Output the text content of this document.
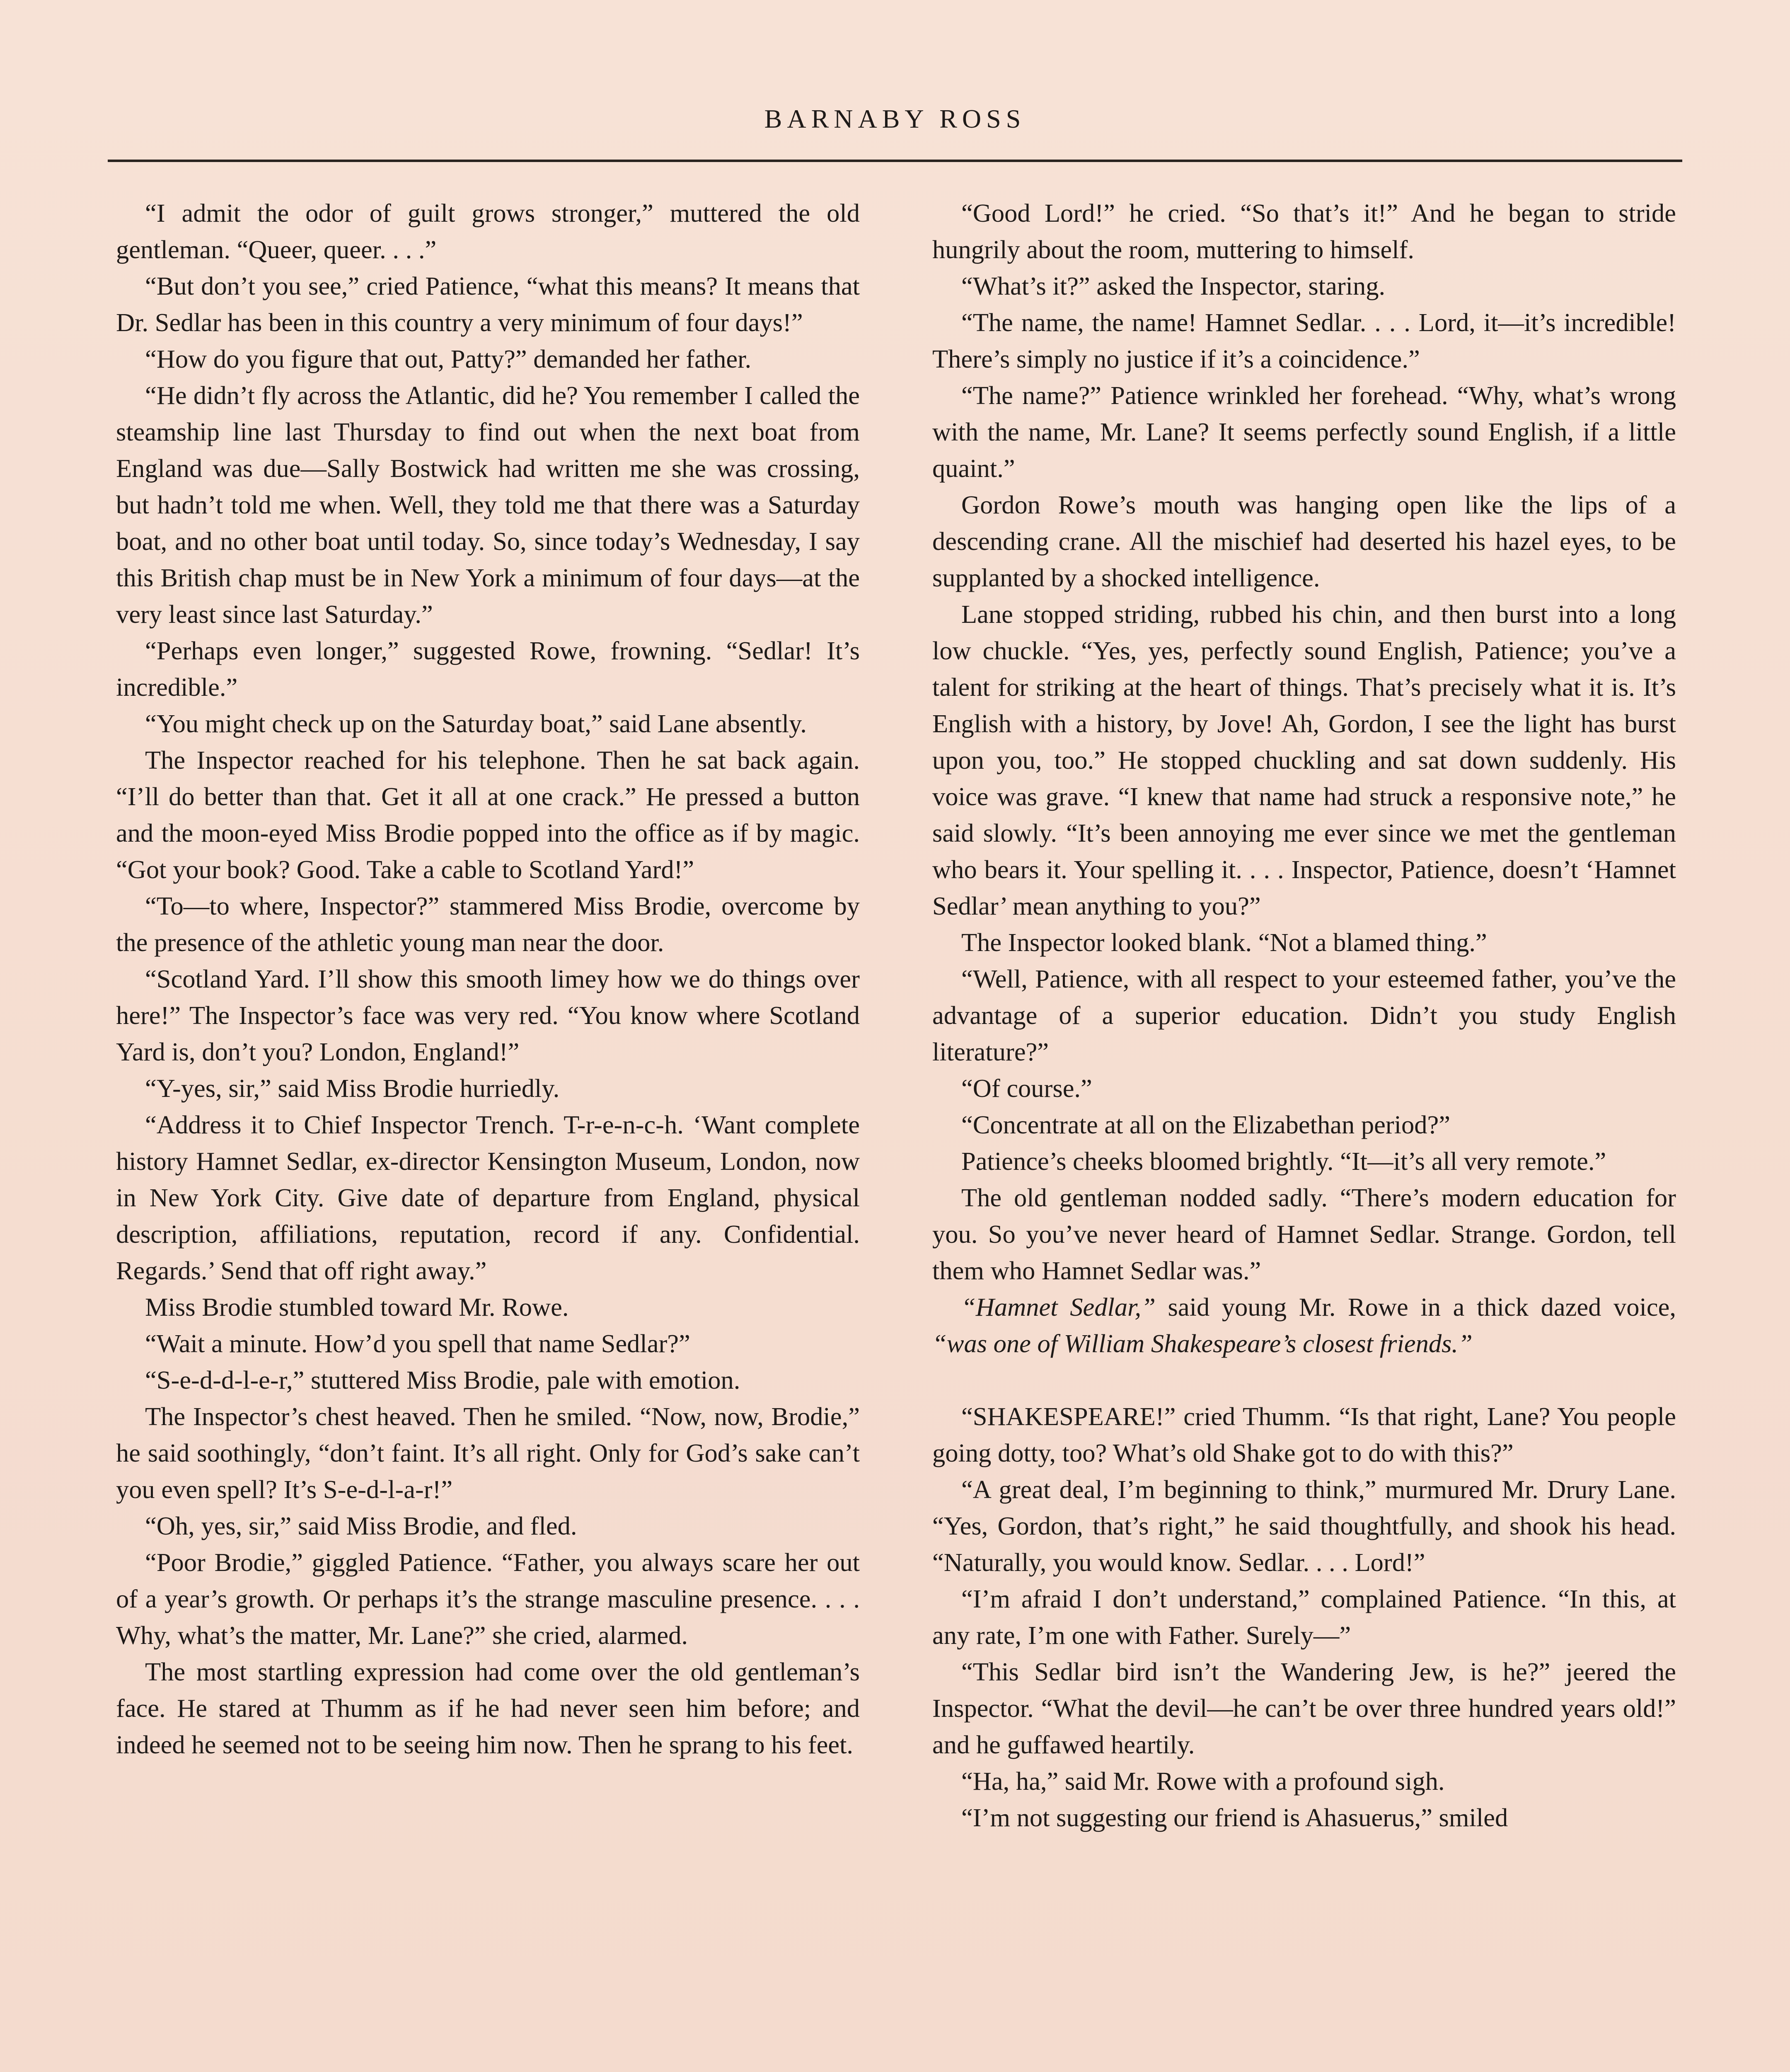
BARNABY ROSS

“I admit the odor of guilt grows stronger,” muttered the old gentleman. “Queer, queer. . . .”

“But don’t you see,” cried Patience, “what this means? It means that Dr. Sedlar has been in this country a very minimum of four days!”

“How do you figure that out, Patty?” demanded her father.

“He didn’t fly across the Atlantic, did he? You remember I called the steamship line last Thursday to find out when the next boat from England was due—Sally Bostwick had written me she was crossing, but hadn’t told me when. Well, they told me that there was a Saturday boat, and no other boat until today. So, since today’s Wednesday, I say this British chap must be in New York a minimum of four days—at the very least since last Saturday.”

“Perhaps even longer,” suggested Rowe, frowning. “Sedlar! It’s incredible.”

“You might check up on the Saturday boat,” said Lane absently.

The Inspector reached for his telephone. Then he sat back again. “I’ll do better than that. Get it all at one crack.” He pressed a button and the moon-eyed Miss Brodie popped into the office as if by magic. “Got your book? Good. Take a cable to Scotland Yard!”

“To—to where, Inspector?” stammered Miss Brodie, overcome by the presence of the athletic young man near the door.

“Scotland Yard. I’ll show this smooth limey how we do things over here!” The Inspector’s face was very red. “You know where Scotland Yard is, don’t you? London, England!”

“Y-yes, sir,” said Miss Brodie hurriedly.

“Address it to Chief Inspector Trench. T-r-e-n-c-h. ‘Want complete history Hamnet Sedlar, ex-director Kensington Museum, London, now in New York City. Give date of departure from England, physical description, affiliations, reputation, record if any. Confidential. Regards.’ Send that off right away.”

Miss Brodie stumbled toward Mr. Rowe.

“Wait a minute. How’d you spell that name Sedlar?”

“S-e-d-d-l-e-r,” stuttered Miss Brodie, pale with emotion.

The Inspector’s chest heaved. Then he smiled. “Now, now, Brodie,” he said soothingly, “don’t faint. It’s all right. Only for God’s sake can’t you even spell? It’s S-e-d-l-a-r!”

“Oh, yes, sir,” said Miss Brodie, and fled.

“Poor Brodie,” giggled Patience. “Father, you always scare her out of a year’s growth. Or perhaps it’s the strange masculine presence. . . . Why, what’s the matter, Mr. Lane?” she cried, alarmed.

The most startling expression had come over the old gentleman’s face. He stared at Thumm as if he had never seen him before; and indeed he seemed not to be seeing him now. Then he sprang to his feet.

“Good Lord!” he cried. “So that’s it!” And he began to stride hungrily about the room, muttering to himself.

“What’s it?” asked the Inspector, staring.

“The name, the name! Hamnet Sedlar. . . . Lord, it—it’s incredible! There’s simply no justice if it’s a coincidence.”

“The name?” Patience wrinkled her forehead. “Why, what’s wrong with the name, Mr. Lane? It seems perfectly sound English, if a little quaint.”

Gordon Rowe’s mouth was hanging open like the lips of a descending crane. All the mischief had deserted his hazel eyes, to be supplanted by a shocked intelligence.

Lane stopped striding, rubbed his chin, and then burst into a long low chuckle. “Yes, yes, perfectly sound English, Patience; you’ve a talent for striking at the heart of things. That’s precisely what it is. It’s English with a history, by Jove! Ah, Gordon, I see the light has burst upon you, too.” He stopped chuckling and sat down suddenly. His voice was grave. “I knew that name had struck a responsive note,” he said slowly. “It’s been annoying me ever since we met the gentleman who bears it. Your spelling it. . . . Inspector, Patience, doesn’t ‘Hamnet Sedlar’ mean anything to you?”

The Inspector looked blank. “Not a blamed thing.”

“Well, Patience, with all respect to your esteemed father, you’ve the advantage of a superior education. Didn’t you study English literature?”

“Of course.”

“Concentrate at all on the Elizabethan period?”

Patience’s cheeks bloomed brightly. “It—it’s all very remote.”

The old gentleman nodded sadly. “There’s modern education for you. So you’ve never heard of Hamnet Sedlar. Strange. Gordon, tell them who Hamnet Sedlar was.”

“Hamnet Sedlar,” said young Mr. Rowe in a thick dazed voice, “was one of William Shakespeare’s closest friends.”

“SHAKESPEARE!” cried Thumm. “Is that right, Lane? You people going dotty, too? What’s old Shake got to do with this?”

“A great deal, I’m beginning to think,” murmured Mr. Drury Lane. “Yes, Gordon, that’s right,” he said thoughtfully, and shook his head. “Naturally, you would know. Sedlar. . . . Lord!”

“I’m afraid I don’t understand,” complained Patience. “In this, at any rate, I’m one with Father. Surely—”

“This Sedlar bird isn’t the Wandering Jew, is he?” jeered the Inspector. “What the devil—he can’t be over three hundred years old!” and he guffawed heartily.

“Ha, ha,” said Mr. Rowe with a profound sigh.

“I’m not suggesting our friend is Ahasuerus,” smiled
